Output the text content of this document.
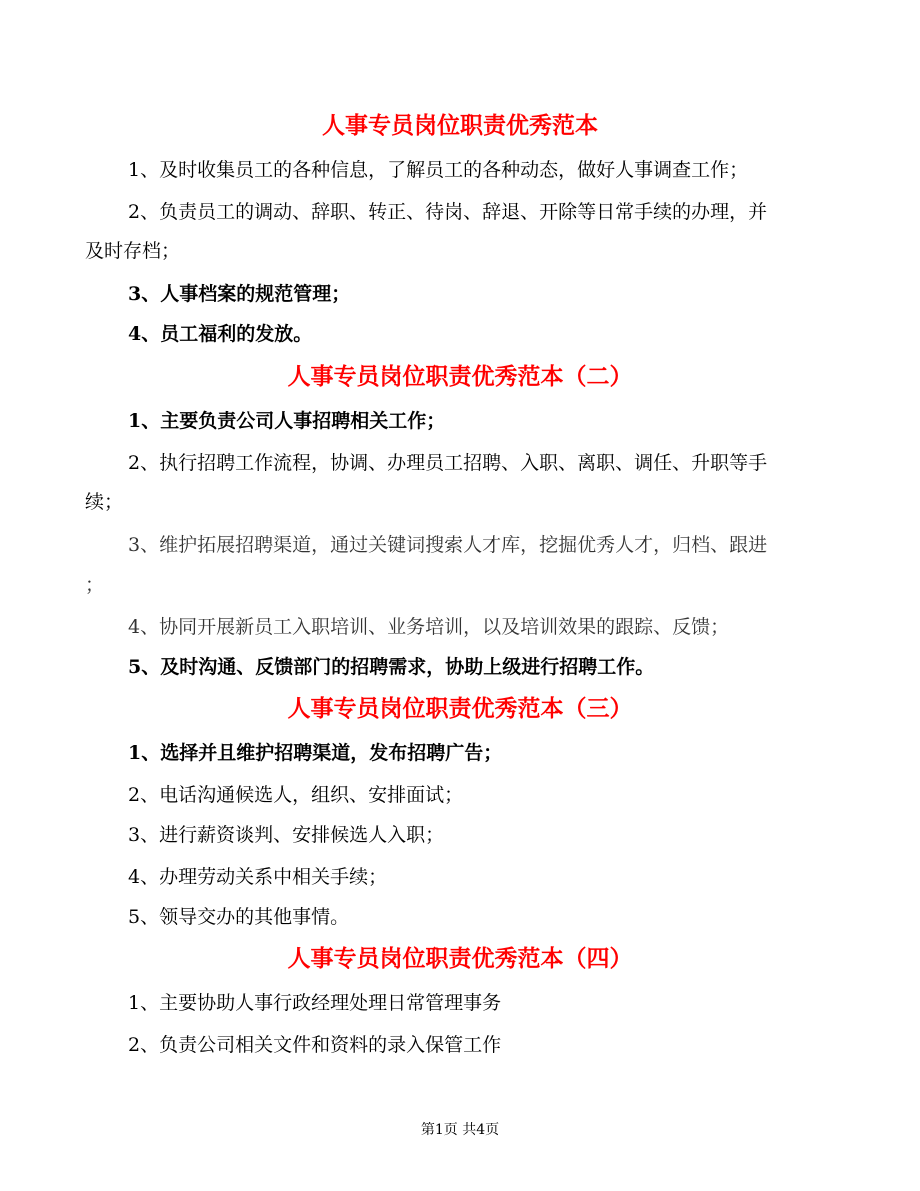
人事专员岗位职责优秀范本
1、及时收集员工的各种信息，了解员工的各种动态，做好人事调查工作；
2、负责员工的调动、辞职、转正、待岗、辞退、开除等日常手续的办理，并
及时存档；
3、人事档案的规范管理；
4、员工福利的发放。
人事专员岗位职责优秀范本（二）
1、主要负责公司人事招聘相关工作；
2、执行招聘工作流程，协调、办理员工招聘、入职、离职、调任、升职等手
续；
3、维护拓展招聘渠道，通过关键词搜索人才库，挖掘优秀人才，归档、跟进
；
4、协同开展新员工入职培训、业务培训，以及培训效果的跟踪、反馈；
5、及时沟通、反馈部门的招聘需求，协助上级进行招聘工作。
人事专员岗位职责优秀范本（三）
1、选择并且维护招聘渠道，发布招聘广告；
2、电话沟通候选人，组织、安排面试；
3、进行薪资谈判、安排候选人入职；
4、办理劳动关系中相关手续；
5、领导交办的其他事情。
人事专员岗位职责优秀范本（四）
1、主要协助人事行政经理处理日常管理事务
2、负责公司相关文件和资料的录入保管工作
第1页 共4页
